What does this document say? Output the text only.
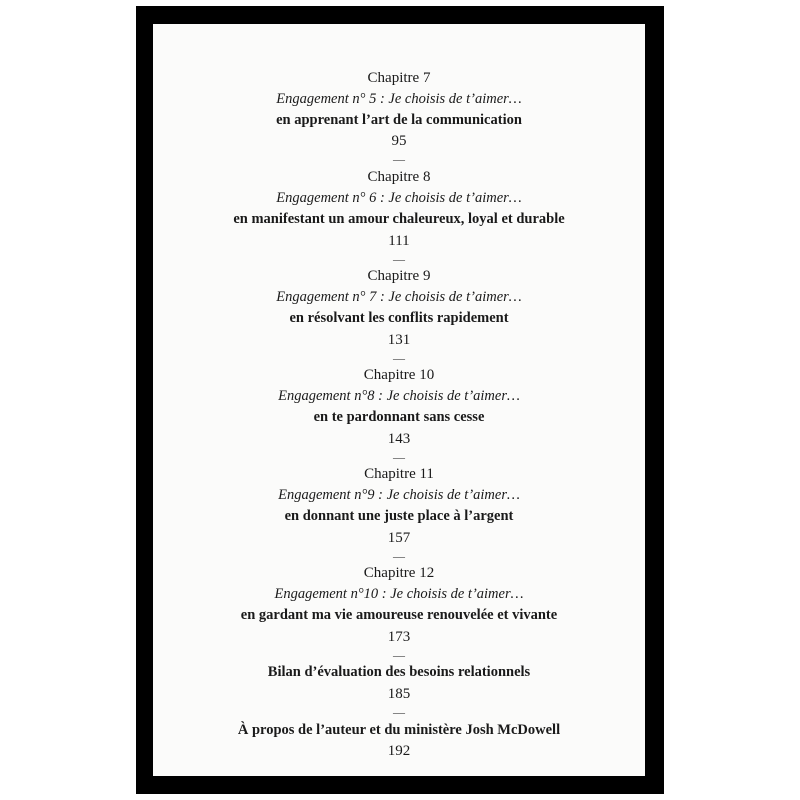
Chapitre 7
Engagement n° 5 : Je choisis de t’aimer…
en apprenant l’art de la communication
95
—
Chapitre 8
Engagement n° 6 : Je choisis de t’aimer…
en manifestant un amour chaleureux, loyal et durable
111
—
Chapitre 9
Engagement n° 7 : Je choisis de t’aimer…
en résolvant les conflits rapidement
131
—
Chapitre 10
Engagement n°8 : Je choisis de t’aimer…
en te pardonnant sans cesse
143
—
Chapitre 11
Engagement n°9 : Je choisis de t’aimer…
en donnant une juste place à l’argent
157
—
Chapitre 12
Engagement n°10 : Je choisis de t’aimer…
en gardant ma vie amoureuse renouvelée et vivante
173
—
Bilan d’évaluation des besoins relationnels
185
—
À propos de l’auteur et du ministère Josh McDowell
192
